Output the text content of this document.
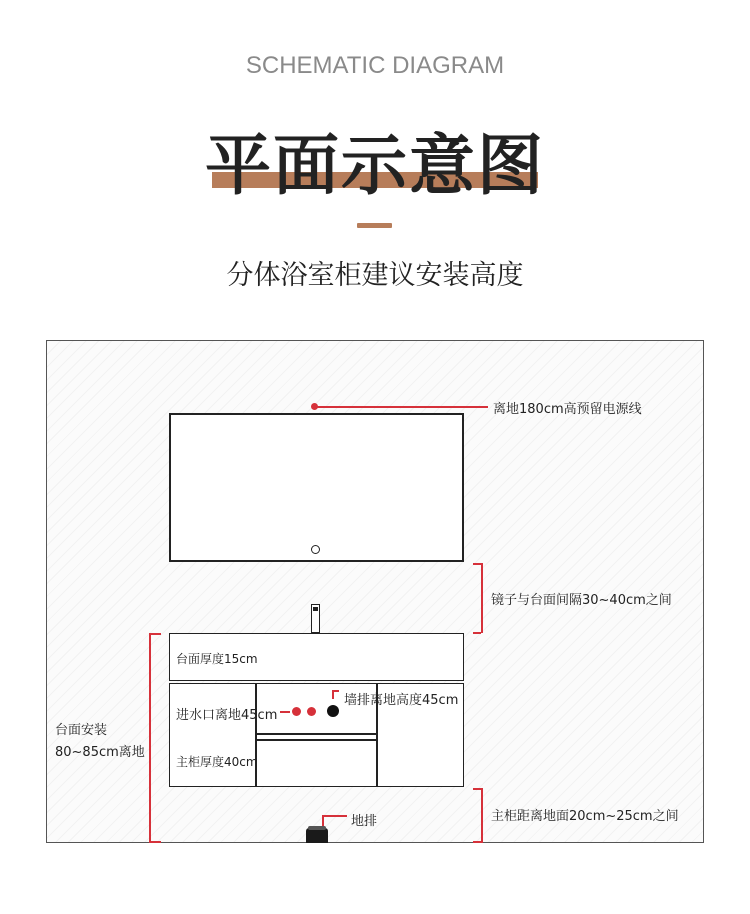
SCHEMATIC DIAGRAM
平面示意图
分体浴室柜建议安装高度
离地180cm高预留电源线
镜子与台面间隔30~40cm之间
台面厚度15cm
进水口离地45cm
墙排离地高度45cm
主柜厚度40cm
台面安装
80~85cm离地
主柜距离地面20cm~25cm之间
地排
